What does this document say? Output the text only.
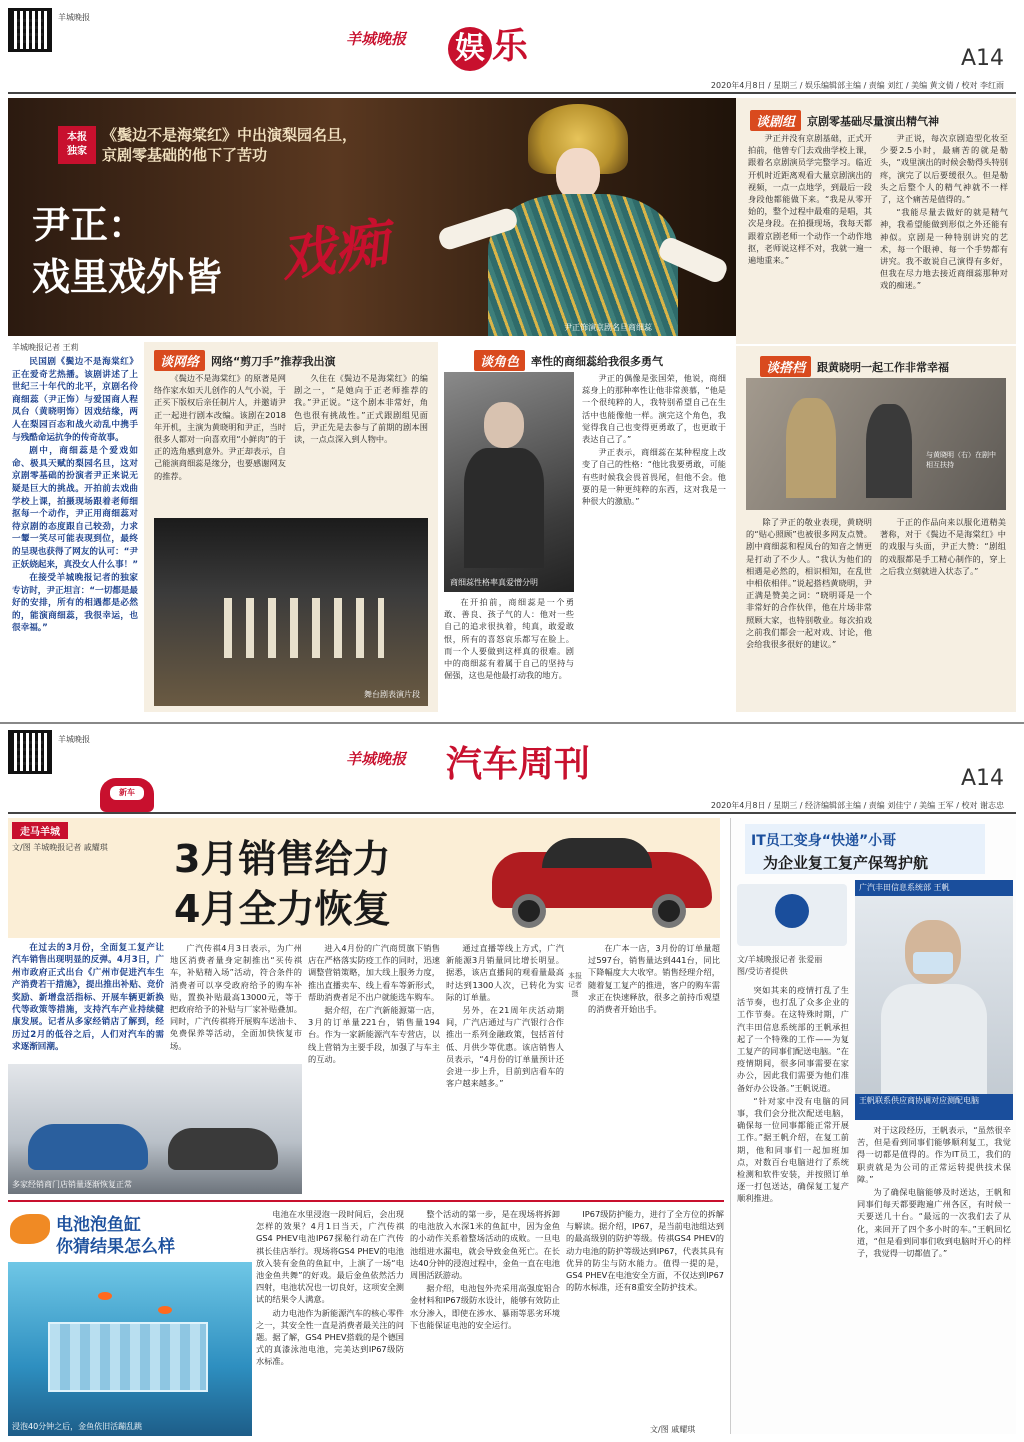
羊城晚报
羊城晚报 娱 乐	A14
2020年4月8日 / 星期三 / 娱乐编辑部主编 / 责编 刘红 / 美编 黄文倩 / 校对 李红雨
本报
独家
《鬓边不是海棠红》中出演梨园名旦，
京剧零基础的他下了苦功
尹正：
戏里戏外皆 戏痴
尹正饰演京剧名旦商细蕊
谈剧组	京剧零基础尽量演出精气神

尹正并没有京剧基础，正式开拍前，他曾专门去戏曲学校上课，跟着名京剧演员学完整学习。临近开机时近距离观看大量京剧演出的视频，一点一点地学，到最后一段身段他都能做下来。“我是从零开始的，整个过程中最难的是唱，其次是身段。在拍摄现场，我每天都跟着京剧老师一个动作一个动作地抠，老师说这样不对，我就一遍一遍地重来。”

尹正说，每次京剧造型化妆至少要2.5小时，最痛苦的就是勒头，“戏里演出的时候会勒得头特别疼，演完了以后要缓很久。但是勒头之后整个人的精气神就不一样了，这个痛苦是值得的。”

“我能尽量去做好的就是精气神，我希望能做到形似之外还能有神似。京剧是一种特别讲究的艺术，每一个眼神、每一个手势都有讲究。我不敢说自己演得有多好，但我在尽力地去接近商细蕊那种对戏的痴迷。”

羊城晚报记者 王莉

民国剧《鬓边不是海棠红》正在爱奇艺热播。该剧讲述了上世纪三十年代的北平，京剧名伶商细蕊（尹正饰）与爱国商人程凤台（黄晓明饰）因戏结缘，两人在梨园百态和战火动乱中携手与残酷命运抗争的传奇故事。

剧中，商细蕊是个爱戏如命、极具天赋的梨园名旦，这对京剧零基础的扮演者尹正来说无疑是巨大的挑战。开拍前去戏曲学校上课，拍摄现场跟着老师细抠每一个动作，尹正用商细蕊对待京剧的态度跟自己较劲，力求一颦一笑尽可能表现到位，最终的呈现也获得了网友的认可：“尹正妖娆起来，真没女人什么事！”

在接受羊城晚报记者的独家专访时，尹正坦言：“一切都是最好的安排，所有的相遇都是必然的，能演商细蕊，我很幸运，也很幸福。”

谈网络	网络“剪刀手”推荐我出演

《鬓边不是海棠红》的原著是网络作家水如天儿创作的人气小说，于正买下版权后亲任制片人，并邀请尹正一起进行剧本改编。该剧在2018年开机，主演为黄晓明和尹正，当时很多人都对一向喜欢用“小鲜肉”的于正的选角感到意外。尹正却表示，自己能演商细蕊是缘分，也要感谢网友的推荐。

久住在《鬓边不是海棠红》的编剧之一，“是她向于正老师推荐的我。”尹正说。“这个剧本非常好，角色也很有挑战性。”正式跟剧组见面后，尹正先是去参与了前期的剧本围读，一点点深入到人物中。

舞台剧表演片段
谈角色	率性的商细蕊给我很多勇气
商细蕊性格率真爱憎分明

在开拍前，商细蕊是一个勇敢、善良、孩子气的人：他对一些自己的追求很执着，纯真，敢爱敢恨，所有的喜怒哀乐都写在脸上。而一个人要做到这样真的很难。剧中的商细蕊有着属于自己的坚持与倔强，这也是他最打动我的地方。

尹正的偶像是张国荣，他说，商细蕊身上的那种率性让他非常羡慕，“他是一个很纯粹的人，我特别希望自己在生活中也能像他一样。演完这个角色，我觉得我自己也变得更勇敢了，也更敢于表达自己了。”

尹正表示，商细蕊在某种程度上改变了自己的性格：“他比我要勇敢，可能有些时候我会畏首畏尾，但他不会。他要的是一种更纯粹的东西，这对我是一种很大的激励。”

谈搭档	跟黄晓明一起工作非常幸福
与黄晓明（右）在剧中相互扶持

除了尹正的敬业表现，黄晓明的“贴心照顾”也被很多网友点赞。剧中商细蕊和程凤台的知音之情更是打动了不少人。“我认为他们的相遇是必然的，相识相知，在乱世中相依相伴。”说起搭档黄晓明，尹正满是赞美之词：“晓明哥是一个非常好的合作伙伴，他在片场非常照顾大家，也特别敬业。每次拍戏之前我们都会一起对戏、讨论，他会给我很多很好的建议。”

于正的作品向来以服化道精美著称，对于《鬓边不是海棠红》中的戏服与头面，尹正大赞：“剧组的戏服都是手工精心制作的，穿上之后我立刻就进入状态了。”

羊城晚报
羊城晚报 汽车周刊	A14
2020年4月8日 / 星期三 / 经济编辑部主编 / 责编 刘佳宁 / 美编 王军 / 校对 谢志忠
新车
走马羊城
文/图 羊城晚报记者 戚耀琪 3月销售给力
4月全力恢复

在过去的3月份，全面复工复产让汽车销售出现明显的反弹。4月3日，广州市政府正式出台《广州市促进汽车生产消费若干措施》，提出推出补贴、竞价奖励、新增盘活指标、开展车辆更新换代等政策等措施，支持汽车产业持续健康发展。记者从多家经销店了解到，经历过2月的低谷之后，人们对汽车的需求逐渐回潮。

广汽传祺4月3日表示，为广州地区消费者量身定制推出“买传祺车，补贴精入场”活动，符合条件的消费者可以享受政府给予的购车补贴，置换补贴最高13000元，等于把政府给予的补贴与厂家补贴叠加。同时，广汽传祺将开展购车送油卡、免费保养等活动，全面加快恢复市场。

进入4月份的广汽商贸旗下销售店在严格落实防疫工作的同时，迅速调整营销策略，加大线上服务力度，推出直播卖车、线上看车等新形式，帮助消费者足不出户就能选车购车。

据介绍，在广汽新能源第一店，3月的订单量221台，销售量194台。作为一家新能源汽车专营店，以线上营销为主要手段，加强了与车主的互动。

通过直播等线上方式，广汽新能源3月销量同比增长明显。据悉，该店直播间的观看量最高时达到1300人次，已转化为实际的订单量。

另外，在21周年庆活动期间，广汽店通过与广汽银行合作推出一系列金融政策，包括首付低、月供少等优惠。该店销售人员表示，“4月份的订单量预计还会进一步上升，目前到店看车的客户越来越多。”

在广本一店，3月份的订单量超过597台，销售量达到441台，同比下降幅度大大收窄。销售经理介绍，随着复工复产的推进，客户的购车需求正在快速释放，很多之前持币观望的消费者开始出手。

多家经销商门店销量逐渐恢复正常
本报记者摄
IT员工变身“快递”小哥
为企业复工复产保驾护航
广汽丰田信息系统部 王帆
王帆联系供应商协调对应测配电脑
文/羊城晚报记者 张爱丽
图/受访者提供

突如其来的疫情打乱了生活节奏，也打乱了众多企业的工作节奏。在这特殊时期，广汽丰田信息系统部的王帆承担起了一个特殊的工作——为复工复产的同事们配送电脑。“在疫情期间，很多同事需要在家办公，因此我们需要为他们准备好办公设备。”王帆说道。

“针对家中没有电脑的同事，我们会分批次配送电脑，确保每一位同事都能正常开展工作。”据王帆介绍，在复工前期，他和同事们一起加班加点，对数百台电脑进行了系统检测和软件安装，并按照订单逐一打包送达，确保复工复产顺利推进。

对于这段经历，王帆表示，“虽然很辛苦，但是看到同事们能够顺利复工，我觉得一切都是值得的。作为IT员工，我们的职责就是为公司的正常运转提供技术保障。”

为了确保电脑能够及时送达，王帆和同事们每天都要跑遍广州各区，有时候一天要送几十台。“最远的一次我们去了从化，来回开了四个多小时的车。”王帆回忆道，“但是看到同事们收到电脑时开心的样子，我觉得一切都值了。”

电池泡鱼缸
你猜结果怎么样
浸泡40分钟之后，金鱼依旧活蹦乱跳

电池在水里浸泡一段时间后，会出现怎样的效果？4月1日当天，广汽传祺GS4 PHEV电池IP67探秘行动在广汽传祺长佳店举行。现场将GS4 PHEV的电池放入装有金鱼的鱼缸中，上演了一场“电池金鱼共舞”的好戏。最后金鱼依然活力四射，电池状况也一切良好，这项安全测试的结果令人满意。

动力电池作为新能源汽车的核心零件之一，其安全性一直是消费者最关注的问题。据了解，GS4 PHEV搭载的是个德国式的真漆泳池电池，完美达到IP67级防水标准。

整个活动的第一步，是在现场将拆卸的电池放入水深1米的鱼缸中，因为金鱼的小动作关系着整场活动的成败。一旦电池组进水漏电，就会导致金鱼死亡。在长达40分钟的浸泡过程中，金鱼一直在电池周围活跃游动。

据介绍，电池包外壳采用高强度铝合金材料和IP67级防水设计，能够有效防止水分渗入，即使在涉水、暴雨等恶劣环境下也能保证电池的安全运行。

IP67级防护能力，进行了全方位的拆解与解读。据介绍，IP67，是当前电池组达到的最高级别的防护等级。传祺GS4 PHEV的动力电池的防护等级达到IP67，代表其具有优异的防尘与防水能力。值得一提的是，GS4 PHEV在电池安全方面，不仅达到IP67的防水标准，还有8重安全防护技术。

文/图 戚耀琪
